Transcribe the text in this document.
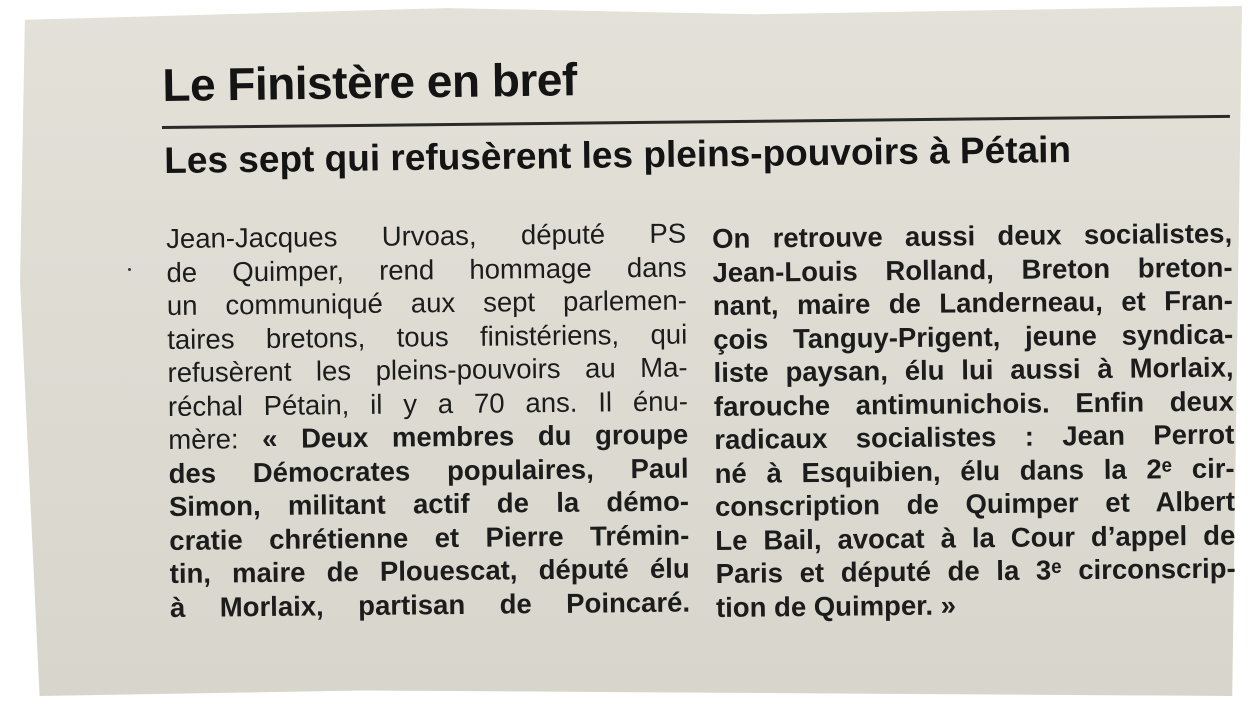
Le Finistère en bref
Les sept qui refusèrent les pleins-pouvoirs à Pétain
Jean-Jacques Urvoas, député PS
de Quimper, rend hommage dans
un communiqué aux sept parlemen-
taires bretons, tous finistériens, qui
refusèrent les pleins-pouvoirs au Ma-
réchal Pétain, il y a 70 ans. Il énu-
mère: « Deux membres du groupe
des Démocrates populaires, Paul
Simon, militant actif de la démo-
cratie chrétienne et Pierre Trémin-
tin, maire de Plouescat, député élu
à Morlaix, partisan de Poincaré.
On retrouve aussi deux socialistes,
Jean-Louis Rolland, Breton breton-
nant, maire de Landerneau, et Fran-
çois Tanguy-Prigent, jeune syndica-
liste paysan, élu lui aussi à Morlaix,
farouche antimunichois. Enfin deux
radicaux socialistes : Jean Perrot
né à Esquibien, élu dans la 2ᵉ cir-
conscription de Quimper et Albert
Le Bail, avocat à la Cour d’appel de
Paris et député de la 3ᵉ circonscrip-
tion de Quimper. »
